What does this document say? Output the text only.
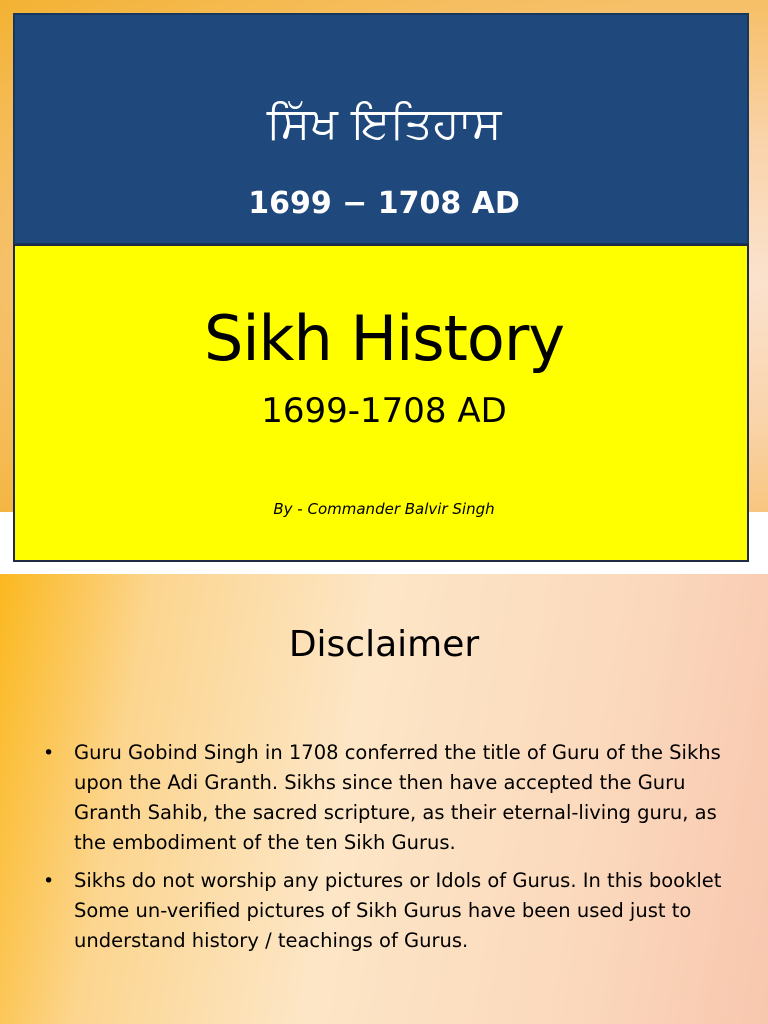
ਸਿੱਖ ਇਤਿਹਾਸ
1699 − 1708 AD
Sikh History
1699-1708 AD
By - Commander Balvir Singh
Disclaimer
• Guru Gobind Singh in 1708 conferred the title of Guru of the Sikhs upon the Adi Granth. Sikhs since then have accepted the Guru Granth Sahib, the sacred scripture, as their eternal-living guru, as the embodiment of the ten Sikh Gurus.
• Sikhs do not worship any pictures or Idols of Gurus. In this booklet Some un-verified pictures of Sikh Gurus have been used just to understand history / teachings of Gurus.
